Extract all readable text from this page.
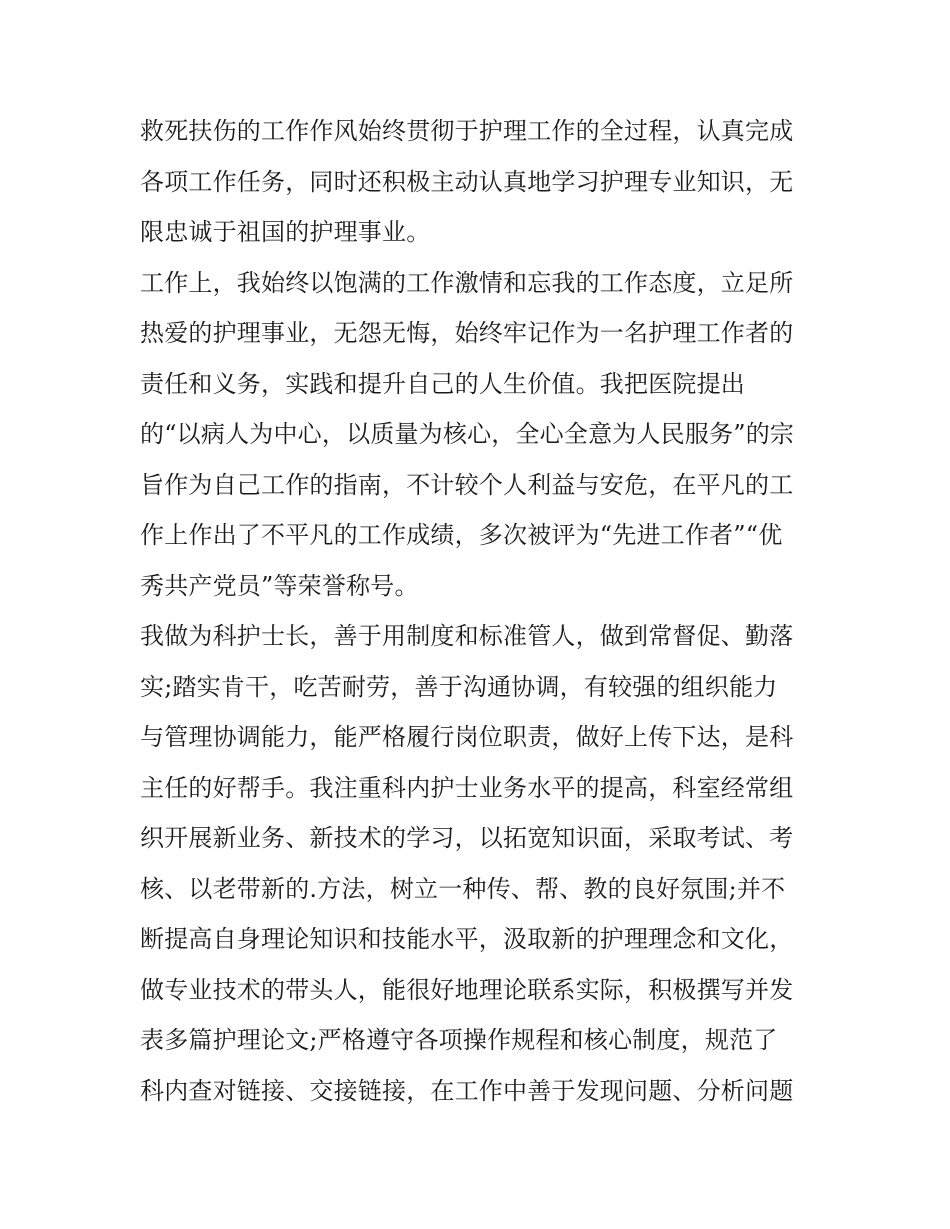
救死扶伤的工作作风始终贯彻于护理工作的全过程，认真完成
各项工作任务，同时还积极主动认真地学习护理专业知识，无
限忠诚于祖国的护理事业。
工作上，我始终以饱满的工作激情和忘我的工作态度，立足所
热爱的护理事业，无怨无悔，始终牢记作为一名护理工作者的
责任和义务，实践和提升自己的人生价值。我把医院提出
的“以病人为中心，以质量为核心，全心全意为人民服务”的宗
旨作为自己工作的指南，不计较个人利益与安危，在平凡的工
作上作出了不平凡的工作成绩，多次被评为“先进工作者”“优
秀共产党员”等荣誉称号。
我做为科护士长，善于用制度和标准管人，做到常督促、勤落
实;踏实肯干，吃苦耐劳，善于沟通协调，有较强的组织能力
与管理协调能力，能严格履行岗位职责，做好上传下达，是科
主任的好帮手。我注重科内护士业务水平的提高，科室经常组
织开展新业务、新技术的学习，以拓宽知识面，采取考试、考
核、以老带新的.方法，树立一种传、帮、教的良好氛围;并不
断提高自身理论知识和技能水平，汲取新的护理理念和文化，
做专业技术的带头人，能很好地理论联系实际，积极撰写并发
表多篇护理论文;严格遵守各项操作规程和核心制度，规范了
科内查对链接、交接链接，在工作中善于发现问题、分析问题
